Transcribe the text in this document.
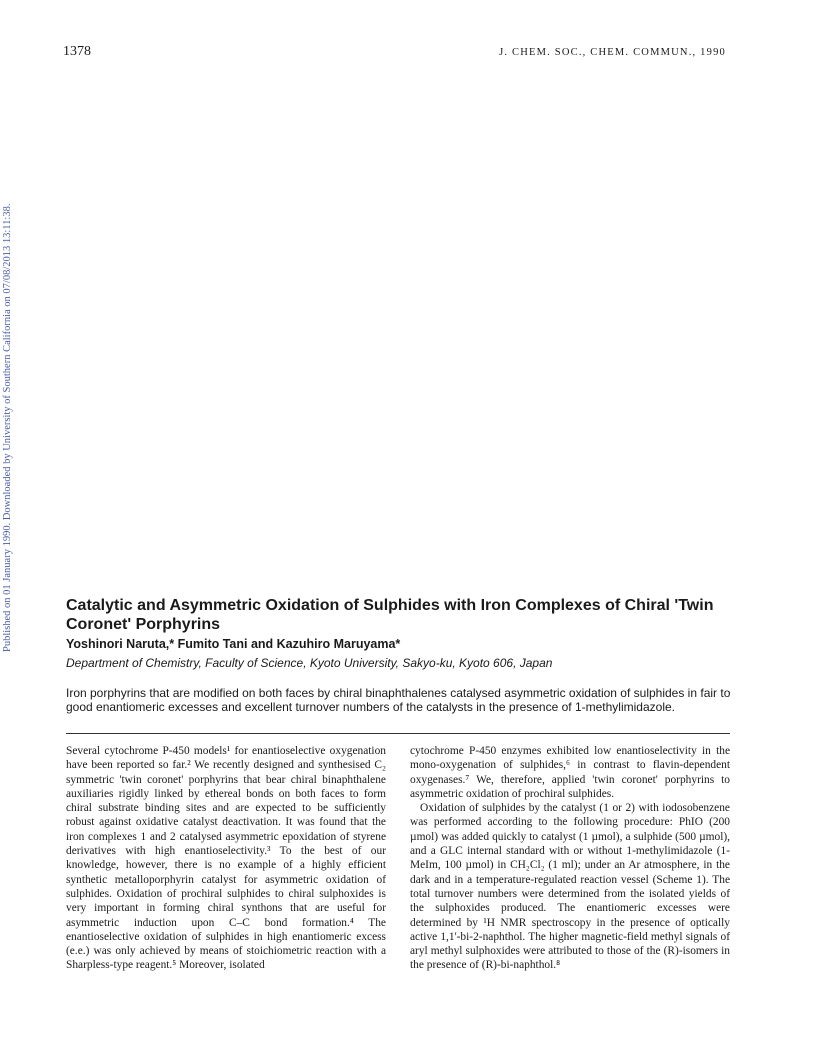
1378	J. CHEM. SOC., CHEM. COMMUN., 1990
Published on 01 January 1990. Downloaded by University of Southern California on 07/08/2013 13:11:38.	Catalytic and Asymmetric Oxidation of Sulphides with Iron Complexes of Chiral 'Twin Coronet' Porphyrins
Yoshinori Naruta,* Fumito Tani and Kazuhiro Maruyama*
Department of Chemistry, Faculty of Science, Kyoto University, Sakyo-ku, Kyoto 606, Japan

Iron porphyrins that are modified on both faces by chiral binaphthalenes catalysed asymmetric oxidation of sulphides in fair to good enantiomeric excesses and excellent turnover numbers of the catalysts in the presence of 1-methylimidazole.

Several cytochrome P-450 models¹ for enantioselective oxygenation have been reported so far.² We recently designed and synthesised C₂ symmetric 'twin coronet' porphyrins that bear chiral binaphthalene auxiliaries rigidly linked by ethereal bonds on both faces to form chiral substrate binding sites and are expected to be sufficiently robust against oxidative catalyst deactivation. It was found that the iron complexes 1 and 2 catalysed asymmetric epoxidation of styrene derivatives with high enantioselectivity.³ To the best of our knowledge, however, there is no example of a highly efficient synthetic metalloporphyrin catalyst for asymmetric oxidation of sulphides. Oxidation of prochiral sulphides to chiral sulphoxides is very important in forming chiral synthons that are useful for asymmetric induction upon C–C bond formation.⁴ The enantioselective oxidation of sulphides in high enantiomeric excess (e.e.) was only achieved by means of stoichiometric reaction with a Sharpless-type reagent.⁵ Moreover, isolated

cytochrome P-450 enzymes exhibited low enantioselectivity in the mono-oxygenation of sulphides,⁶ in contrast to flavin-dependent oxygenases.⁷ We, therefore, applied 'twin coronet' porphyrins to asymmetric oxidation of prochiral sulphides.

Oxidation of sulphides by the catalyst (1 or 2) with iodosobenzene was performed according to the following procedure: PhIO (200 µmol) was added quickly to catalyst (1 µmol), a sulphide (500 µmol), and a GLC internal standard with or without 1-methylimidazole (1-MeIm, 100 µmol) in CH₂Cl₂ (1 ml); under an Ar atmosphere, in the dark and in a temperature-regulated reaction vessel (Scheme 1). The total turnover numbers were determined from the isolated yields of the sulphoxides produced. The enantiomeric excesses were determined by ¹H NMR spectroscopy in the presence of optically active 1,1'-bi-2-naphthol. The higher magnetic-field methyl signals of aryl methyl sulphoxides were attributed to those of the (R)-isomers in the presence of (R)-bi-naphthol.⁸
